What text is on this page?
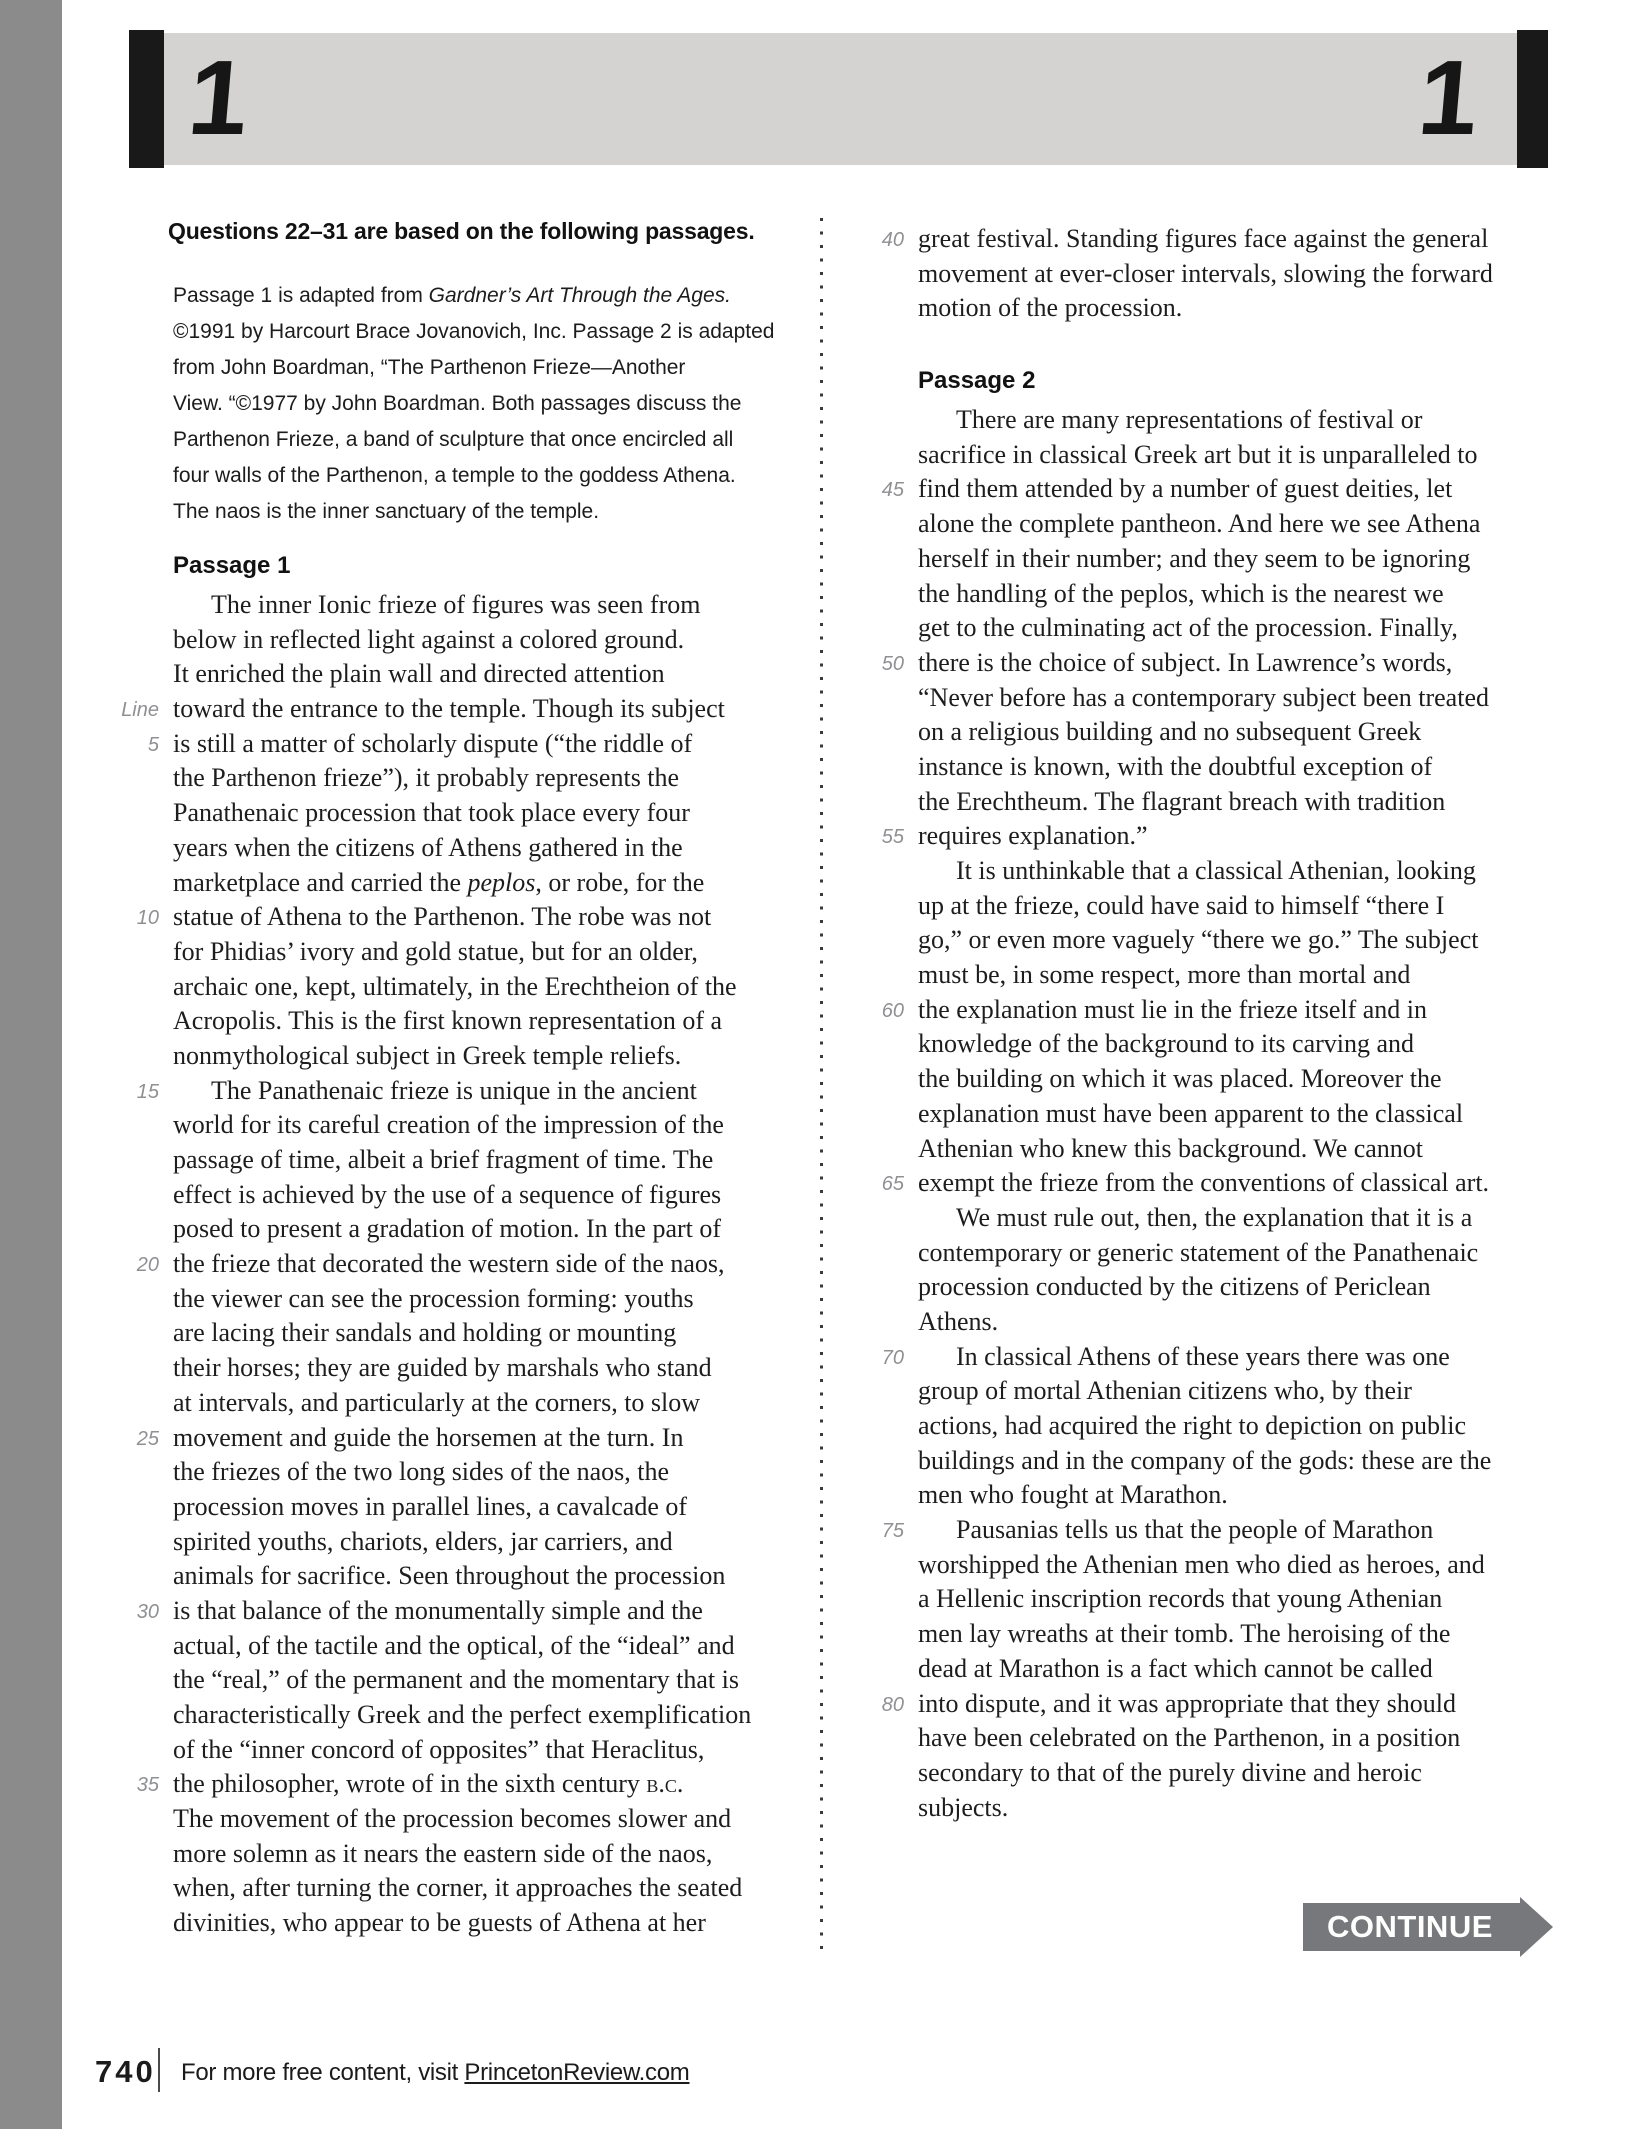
1	1
Questions 22–31 are based on the following passages.
Passage 1 is adapted from Gardner’s Art Through the Ages.
©1991 by Harcourt Brace Jovanovich, Inc. Passage 2 is adapted
from John Boardman, “The Parthenon Frieze—Another
View. “©1977 by John Boardman. Both passages discuss the
Parthenon Frieze, a band of sculpture that once encircled all
four walls of the Parthenon, a temple to the goddess Athena.
The naos is the inner sanctuary of the temple.
Passage 1
The inner Ionic frieze of figures was seen from
below in reflected light against a colored ground.
It enriched the plain wall and directed attention
Line toward the entrance to the temple. Though its subject
5 is still a matter of scholarly dispute (“the riddle of
the Parthenon frieze”), it probably represents the
Panathenaic procession that took place every four
years when the citizens of Athens gathered in the
marketplace and carried the peplos, or robe, for the
10 statue of Athena to the Parthenon. The robe was not
for Phidias’ ivory and gold statue, but for an older,
archaic one, kept, ultimately, in the Erechtheion of the
Acropolis. This is the first known representation of a
nonmythological subject in Greek temple reliefs.
15 The Panathenaic frieze is unique in the ancient
world for its careful creation of the impression of the
passage of time, albeit a brief fragment of time. The
effect is achieved by the use of a sequence of figures
posed to present a gradation of motion. In the part of
20 the frieze that decorated the western side of the naos,
the viewer can see the procession forming: youths
are lacing their sandals and holding or mounting
their horses; they are guided by marshals who stand
at intervals, and particularly at the corners, to slow
25 movement and guide the horsemen at the turn. In
the friezes of the two long sides of the naos, the
procession moves in parallel lines, a cavalcade of
spirited youths, chariots, elders, jar carriers, and
animals for sacrifice. Seen throughout the procession
30 is that balance of the monumentally simple and the
actual, of the tactile and the optical, of the “ideal” and
the “real,” of the permanent and the momentary that is
characteristically Greek and the perfect exemplification
of the “inner concord of opposites” that Heraclitus,
35 the philosopher, wrote of in the sixth century b.c.
The movement of the procession becomes slower and
more solemn as it nears the eastern side of the naos,
when, after turning the corner, it approaches the seated
divinities, who appear to be guests of Athena at her
40 great festival. Standing figures face against the general
movement at ever-closer intervals, slowing the forward
motion of the procession.
Passage 2
There are many representations of festival or
sacrifice in classical Greek art but it is unparalleled to
45 find them attended by a number of guest deities, let
alone the complete pantheon. And here we see Athena
herself in their number; and they seem to be ignoring
the handling of the peplos, which is the nearest we
get to the culminating act of the procession. Finally,
50 there is the choice of subject. In Lawrence’s words,
“Never before has a contemporary subject been treated
on a religious building and no subsequent Greek
instance is known, with the doubtful exception of
the Erechtheum. The flagrant breach with tradition
55 requires explanation.”
It is unthinkable that a classical Athenian, looking
up at the frieze, could have said to himself “there I
go,” or even more vaguely “there we go.” The subject
must be, in some respect, more than mortal and
60 the explanation must lie in the frieze itself and in
knowledge of the background to its carving and
the building on which it was placed. Moreover the
explanation must have been apparent to the classical
Athenian who knew this background. We cannot
65 exempt the frieze from the conventions of classical art.
We must rule out, then, the explanation that it is a
contemporary or generic statement of the Panathenaic
procession conducted by the citizens of Periclean
Athens.
70 In classical Athens of these years there was one
group of mortal Athenian citizens who, by their
actions, had acquired the right to depiction on public
buildings and in the company of the gods: these are the
men who fought at Marathon.
75 Pausanias tells us that the people of Marathon
worshipped the Athenian men who died as heroes, and
a Hellenic inscription records that young Athenian
men lay wreaths at their tomb. The heroising of the
dead at Marathon is a fact which cannot be called
80 into dispute, and it was appropriate that they should
have been celebrated on the Parthenon, in a position
secondary to that of the purely divine and heroic
subjects.
CONTINUE
740 For more free content, visit PrincetonReview.com
